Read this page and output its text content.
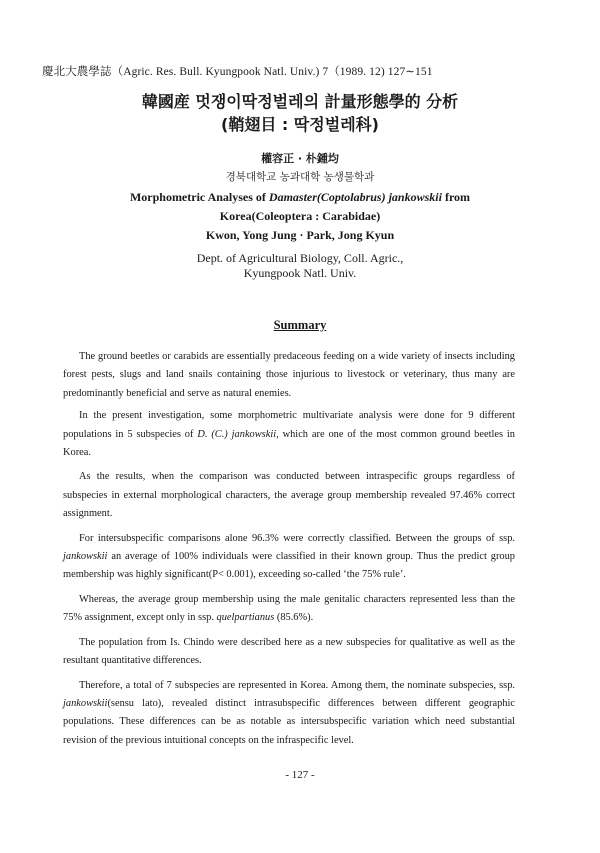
慶北大農學誌（Agric. Res. Bull. Kyungpook Natl. Univ.) 7（1989. 12) 127∼151
韓國産 멋쟁이딱정벌레의 計量形態學的 分析
(鞘翅目 : 딱정벌레科)
權容正 · 朴鍾均
경북대학교 농과대학 농생물학과
Morphometric Analyses of Damaster(Coptolabrus) jankowskii from
Korea(Coleoptera : Carabidae)
Kwon, Yong Jung · Park, Jong Kyun
Dept. of Agricultural Biology, Coll. Agric.,
Kyungpook Natl. Univ.
Summary

The ground beetles or carabids are essentially predaceous feeding on a wide variety of insects including forest pests, slugs and land snails containing those injurious to livestock or veterinary, thus many are predominantly beneficial and serve as natural enemies.

In the present investigation, some morphometric multivariate analysis were done for 9 different populations in 5 subspecies of D. (C.) jankowskii, which are one of the most common ground beetles in Korea.

As the results, when the comparison was conducted between intraspecific groups regardless of subspecies in external morphological characters, the average group membership revealed 97.46% correct assignment.

For intersubspecific comparisons alone 96.3% were correctly classified. Between the groups of ssp. jankowskii an average of 100% individuals were classified in their known group. Thus the predict group membership was highly significant(P< 0.001), exceeding so-called ‘the 75% rule’.

Whereas, the average group membership using the male genitalic characters represented less than the 75% assignment, except only in ssp. quelpartianus (85.6%).

The population from Is. Chindo were described here as a new subspecies for qualitative as well as the resultant quantitative differences.

Therefore, a total of 7 subspecies are represented in Korea. Among them, the nominate subspecies, ssp. jankowskii(sensu lato), revealed distinct intrasubspecific differences between different geographic populations. These differences can be as notable as intersubspecific variation which need substantial revision of the previous intuitional concepts on the infraspecific level.

- 127 -
